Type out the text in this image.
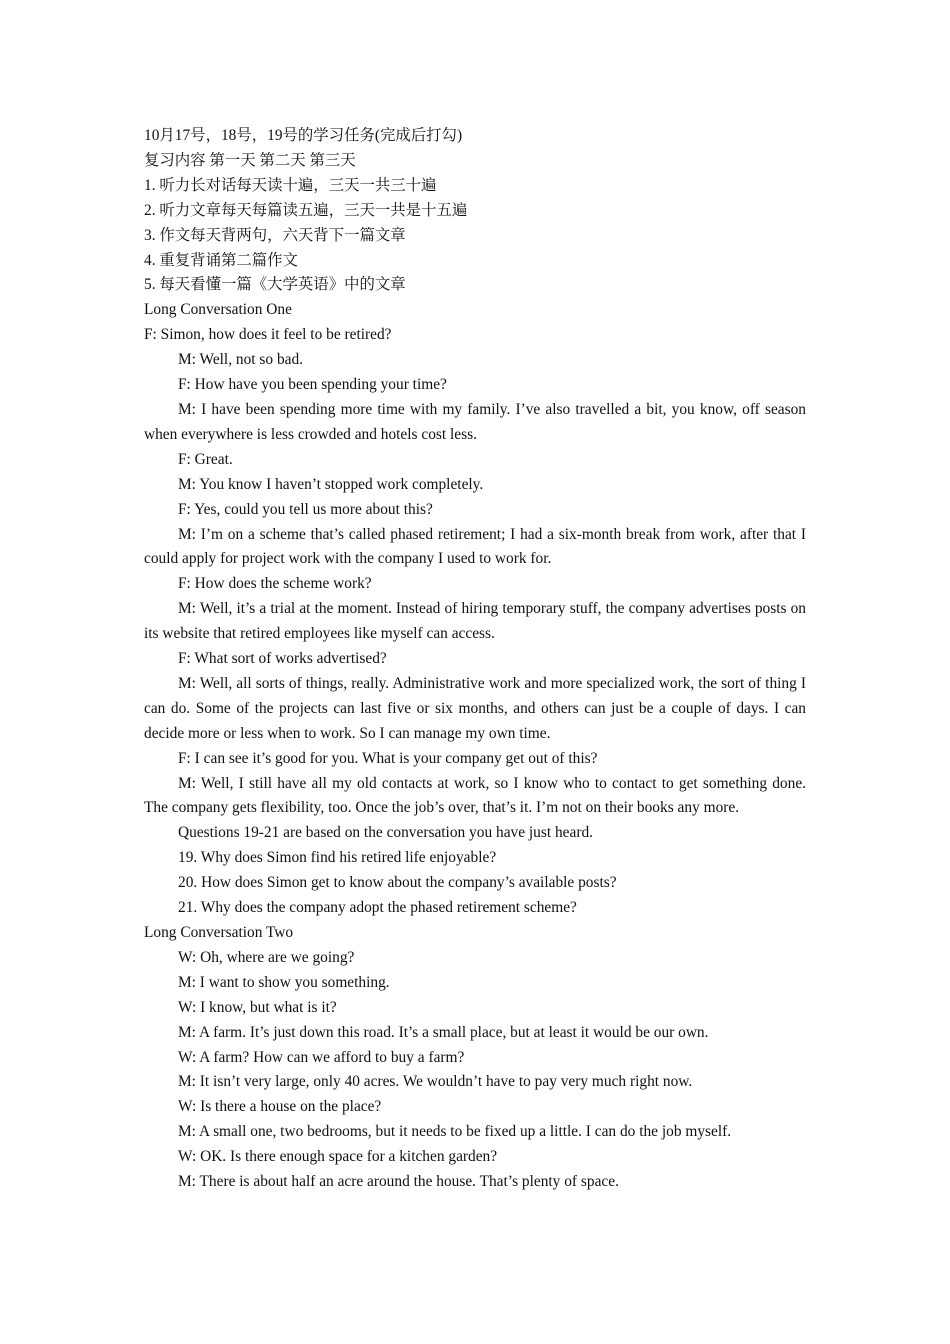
10月17号，18号，19号的学习任务(完成后打勾)

复习内容 第一天 第二天 第三天

1. 听力长对话每天读十遍，三天一共三十遍

2. 听力文章每天每篇读五遍，三天一共是十五遍

3. 作文每天背两句，六天背下一篇文章

4. 重复背诵第二篇作文

5. 每天看懂一篇《大学英语》中的文章

Long Conversation One

F: Simon, how does it feel to be retired?

M: Well, not so bad.

F: How have you been spending your time?

M: I have been spending more time with my family. I’ve also travelled a bit, you know, off season when everywhere is less crowded and hotels cost less.

F: Great.

M: You know I haven’t stopped work completely.

F: Yes, could you tell us more about this?

M: I’m on a scheme that’s called phased retirement; I had a six-month break from work, after that I could apply for project work with the company I used to work for.

F: How does the scheme work?

M: Well, it’s a trial at the moment. Instead of hiring temporary stuff, the company advertises posts on its website that retired employees like myself can access.

F: What sort of works advertised?

M: Well, all sorts of things, really. Administrative work and more specialized work, the sort of thing I can do. Some of the projects can last five or six months, and others can just be a couple of days. I can decide more or less when to work. So I can manage my own time.

F: I can see it’s good for you. What is your company get out of this?

M: Well, I still have all my old contacts at work, so I know who to contact to get something done. The company gets flexibility, too. Once the job’s over, that’s it. I’m not on their books any more.

Questions 19-21 are based on the conversation you have just heard.

19. Why does Simon find his retired life enjoyable?

20. How does Simon get to know about the company’s available posts?

21. Why does the company adopt the phased retirement scheme?

Long Conversation Two

W: Oh, where are we going?

M: I want to show you something.

W: I know, but what is it?

M: A farm. It’s just down this road. It’s a small place, but at least it would be our own.

W: A farm? How can we afford to buy a farm?

M: It isn’t very large, only 40 acres. We wouldn’t have to pay very much right now.

W: Is there a house on the place?

M: A small one, two bedrooms, but it needs to be fixed up a little. I can do the job myself.

W: OK. Is there enough space for a kitchen garden?

M: There is about half an acre around the house. That’s plenty of space.
